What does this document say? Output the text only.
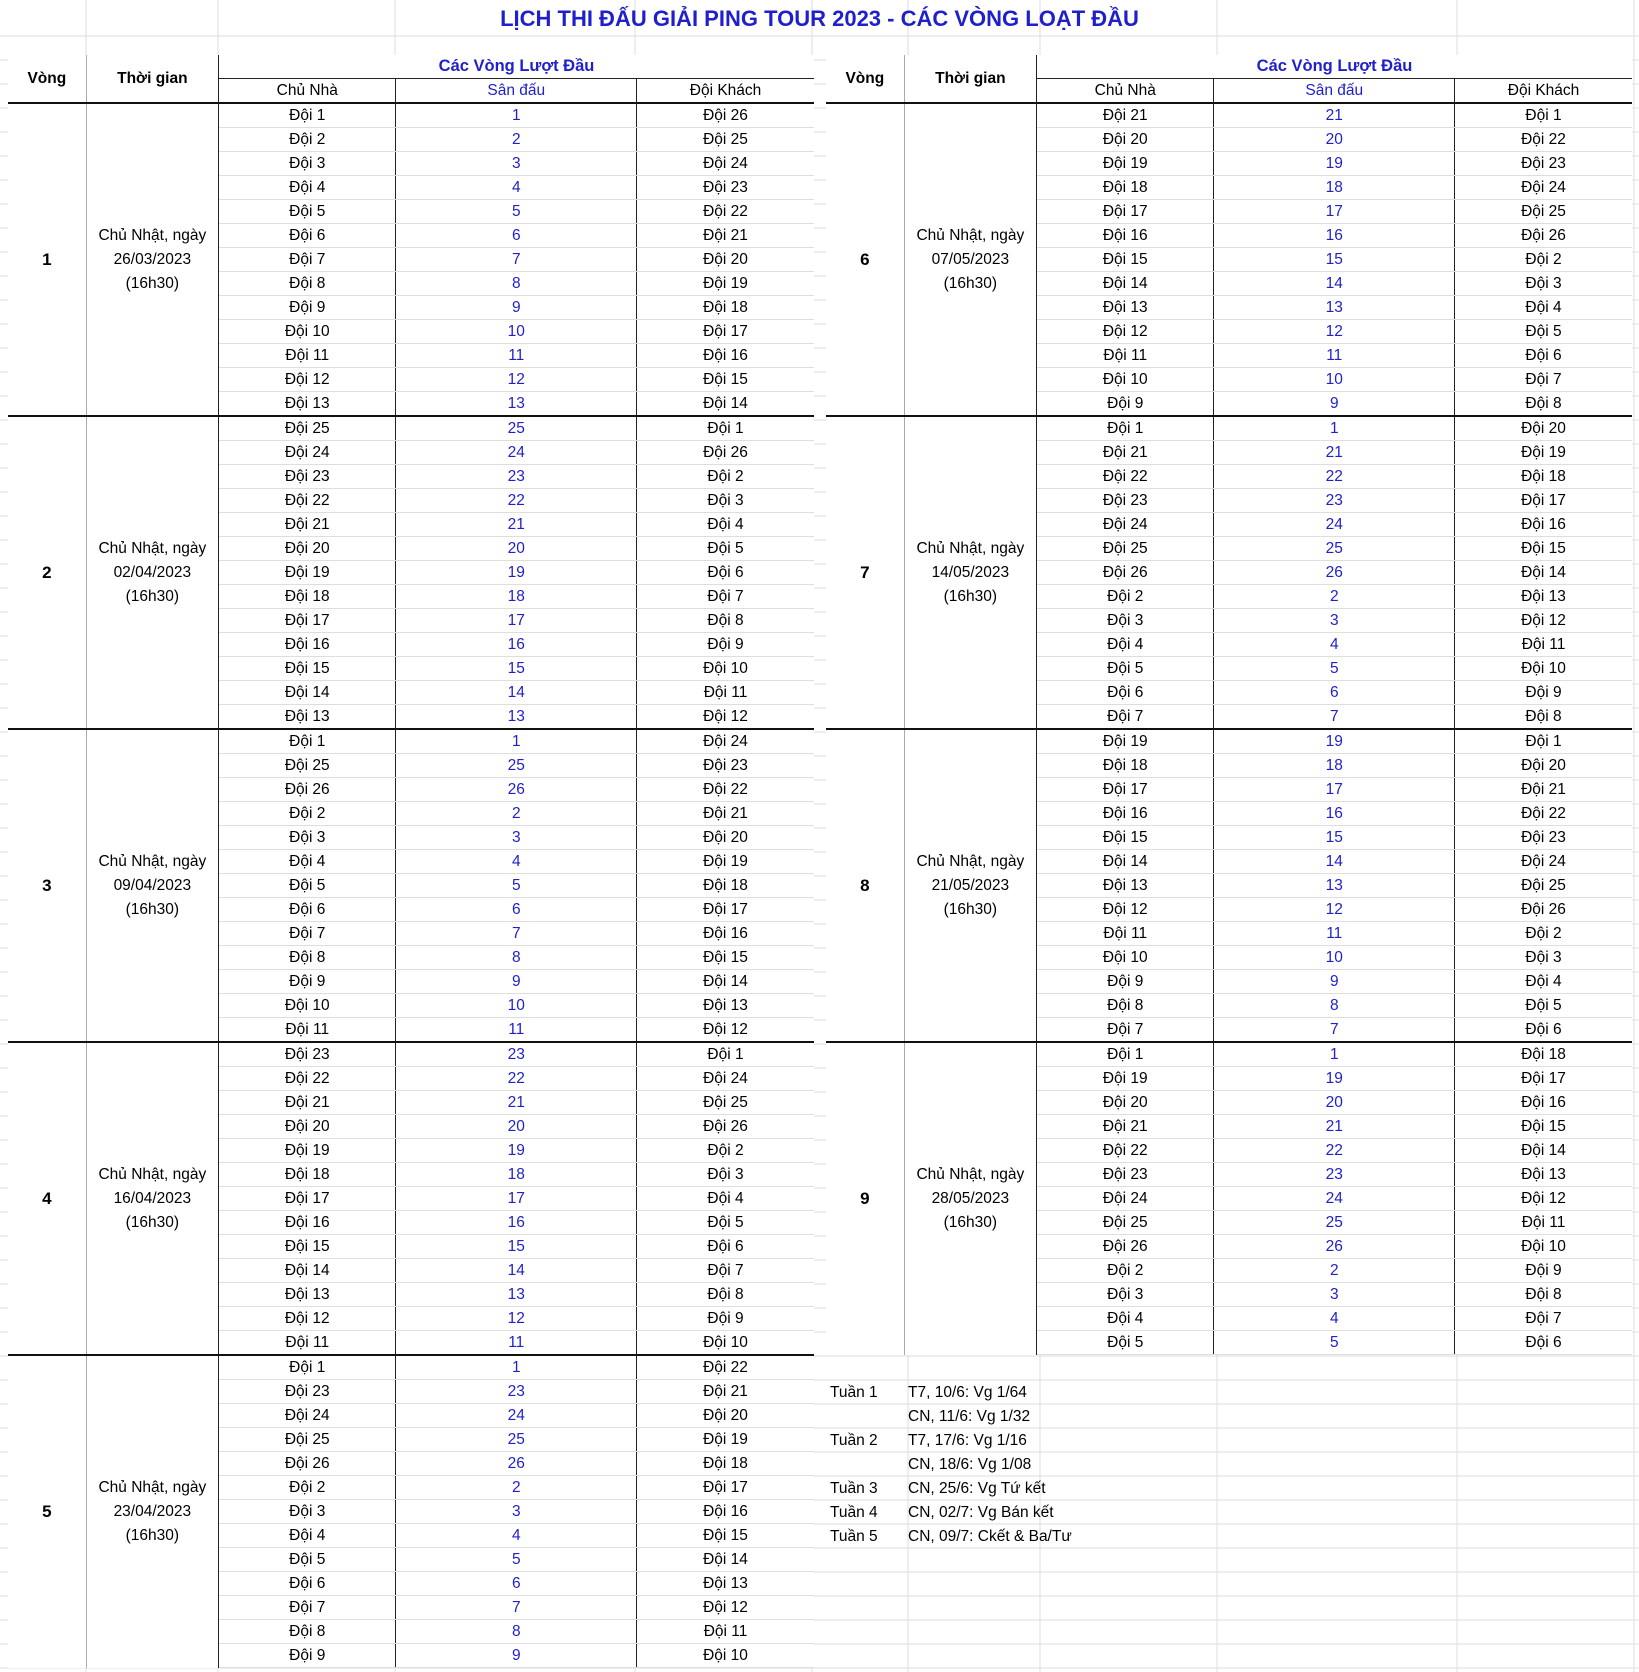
LỊCH THI ĐẤU GIẢI PING TOUR 2023 - CÁC VÒNG LOẠT ĐẦU
Vòng	Thời gian	Các Vòng Lượt Đầu		
		Chủ Nhà	Sân đấu	Đội Khách
1	Chủ Nhật, ngày
26/03/2023
(16h30)	Đội 1	1	Đội 26
		Đội 2	2	Đội 25
		Đội 3	3	Đội 24
		Đội 4	4	Đội 23
		Đội 5	5	Đội 22
		Đội 6	6	Đội 21
		Đội 7	7	Đội 20
		Đội 8	8	Đội 19
		Đội 9	9	Đội 18
		Đội 10	10	Đội 17
		Đội 11	11	Đội 16
		Đội 12	12	Đội 15
		Đội 13	13	Đội 14
2	Chủ Nhật, ngày
02/04/2023
(16h30)	Đội 25	25	Đội 1
		Đội 24	24	Đội 26
		Đội 23	23	Đội 2
		Đội 22	22	Đội 3
		Đội 21	21	Đội 4
		Đội 20	20	Đội 5
		Đội 19	19	Đội 6
		Đội 18	18	Đội 7
		Đội 17	17	Đội 8
		Đội 16	16	Đội 9
		Đội 15	15	Đội 10
		Đội 14	14	Đội 11
		Đội 13	13	Đội 12
3	Chủ Nhật, ngày
09/04/2023
(16h30)	Đội 1	1	Đội 24
		Đội 25	25	Đội 23
		Đội 26	26	Đội 22
		Đội 2	2	Đội 21
		Đội 3	3	Đội 20
		Đội 4	4	Đội 19
		Đội 5	5	Đội 18
		Đội 6	6	Đội 17
		Đội 7	7	Đội 16
		Đội 8	8	Đội 15
		Đội 9	9	Đội 14
		Đội 10	10	Đội 13
		Đội 11	11	Đội 12
4	Chủ Nhật, ngày
16/04/2023
(16h30)	Đội 23	23	Đội 1
		Đội 22	22	Đội 24
		Đội 21	21	Đội 25
		Đội 20	20	Đội 26
		Đội 19	19	Đội 2
		Đội 18	18	Đội 3
		Đội 17	17	Đội 4
		Đội 16	16	Đội 5
		Đội 15	15	Đội 6
		Đội 14	14	Đội 7
		Đội 13	13	Đội 8
		Đội 12	12	Đội 9
		Đội 11	11	Đội 10
5	Chủ Nhật, ngày
23/04/2023
(16h30)	Đội 1	1	Đội 22
		Đội 23	23	Đội 21
		Đội 24	24	Đội 20
		Đội 25	25	Đội 19
		Đội 26	26	Đội 18
		Đội 2	2	Đội 17
		Đội 3	3	Đội 16
		Đội 4	4	Đội 15
		Đội 5	5	Đội 14
		Đội 6	6	Đội 13
		Đội 7	7	Đội 12
		Đội 8	8	Đội 11
		Đội 9	9	Đội 10
Vòng	Thời gian	Các Vòng Lượt Đầu		
		Chủ Nhà	Sân đấu	Đội Khách
6	Chủ Nhật, ngày
07/05/2023
(16h30)	Đội 21	21	Đội 1
		Đội 20	20	Đội 22
		Đội 19	19	Đội 23
		Đội 18	18	Đội 24
		Đội 17	17	Đội 25
		Đội 16	16	Đội 26
		Đội 15	15	Đội 2
		Đội 14	14	Đội 3
		Đội 13	13	Đội 4
		Đội 12	12	Đội 5
		Đội 11	11	Đội 6
		Đội 10	10	Đội 7
		Đội 9	9	Đội 8
7	Chủ Nhật, ngày
14/05/2023
(16h30)	Đội 1	1	Đội 20
		Đội 21	21	Đội 19
		Đội 22	22	Đội 18
		Đội 23	23	Đội 17
		Đội 24	24	Đội 16
		Đội 25	25	Đội 15
		Đội 26	26	Đội 14
		Đội 2	2	Đội 13
		Đội 3	3	Đội 12
		Đội 4	4	Đội 11
		Đội 5	5	Đội 10
		Đội 6	6	Đội 9
		Đội 7	7	Đội 8
8	Chủ Nhật, ngày
21/05/2023
(16h30)	Đội 19	19	Đội 1
		Đội 18	18	Đội 20
		Đội 17	17	Đội 21
		Đội 16	16	Đội 22
		Đội 15	15	Đội 23
		Đội 14	14	Đội 24
		Đội 13	13	Đội 25
		Đội 12	12	Đội 26
		Đội 11	11	Đội 2
		Đội 10	10	Đội 3
		Đội 9	9	Đội 4
		Đội 8	8	Đội 5
		Đội 7	7	Đội 6
9	Chủ Nhật, ngày
28/05/2023
(16h30)	Đội 1	1	Đội 18
		Đội 19	19	Đội 17
		Đội 20	20	Đội 16
		Đội 21	21	Đội 15
		Đội 22	22	Đội 14
		Đội 23	23	Đội 13
		Đội 24	24	Đội 12
		Đội 25	25	Đội 11
		Đội 26	26	Đội 10
		Đội 2	2	Đội 9
		Đội 3	3	Đội 8
		Đội 4	4	Đội 7
		Đội 5	5	Đội 6
Tuần 1 T7, 10/6: Vg 1/64
CN, 11/6: Vg 1/32
Tuần 2 T7, 17/6: Vg 1/16
CN, 18/6: Vg 1/08
Tuần 3 CN, 25/6: Vg Tứ kết
Tuần 4 CN, 02/7: Vg Bán kết
Tuần 5 CN, 09/7: Ckết & Ba/Tư
